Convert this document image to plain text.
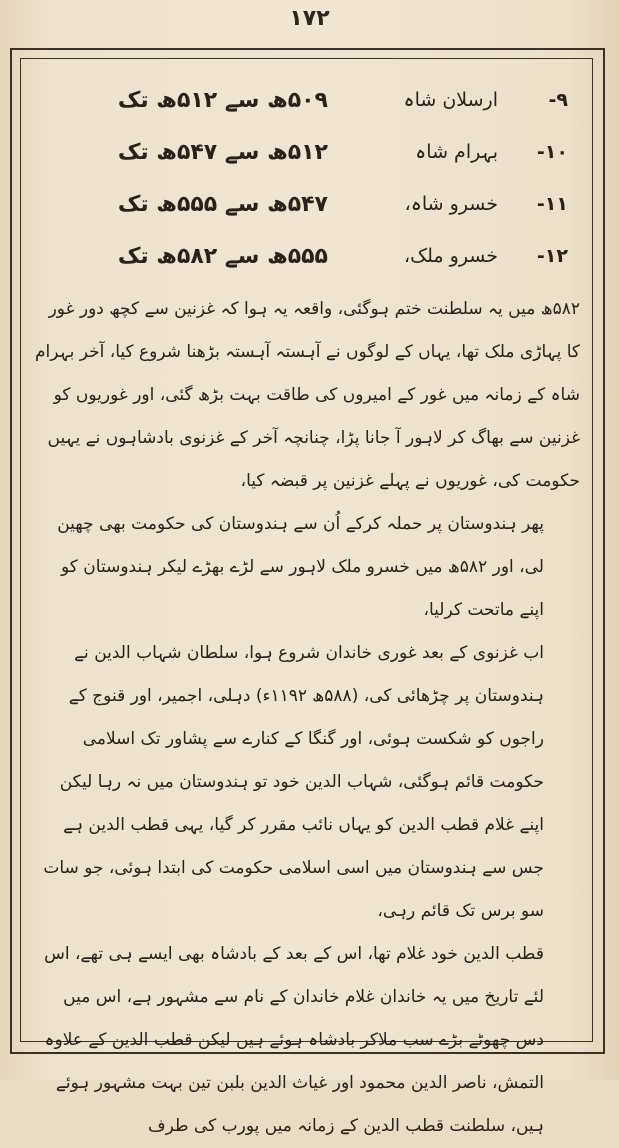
۱۷۲
۹-
ارسلان شاہ
۵۰۹ھ سے ۵۱۲ھ تک
۱۰-
بہرام شاہ
۵۱۲ھ سے ۵۴۷ھ تک
۱۱-
خسرو شاہ،
۵۴۷ھ سے ۵۵۵ھ تک
۱۲-
خسرو ملک،
۵۵۵ھ سے ۵۸۲ھ تک

۵۸۲ھ میں یہ سلطنت ختم ہوگئی، واقعہ یہ ہوا کہ غزنین سے کچھ دور غور کا پہاڑی ملک تھا، یہاں کے لوگوں نے آہستہ آہستہ بڑھنا شروع کیا، آخر بہرام شاہ کے زمانہ میں غور کے امیروں کی طاقت بہت بڑھ گئی، اور غوریوں کو غزنین سے بھاگ کر لاہور آ جانا پڑا، چنانچہ آخر کے غزنوی بادشاہوں نے یہیں حکومت کی، غوریوں نے پہلے غزنین پر قبضہ کیا،

پھر ہندوستان پر حملہ کرکے اُن سے ہندوستان کی حکومت بھی چھین لی، اور ۵۸۲ھ میں خسرو ملک لاہور سے لڑے بھڑے لیکر ہندوستان کو اپنے ماتحت کرلیا،

اب غزنوی کے بعد غوری خاندان شروع ہوا، سلطان شہاب الدین نے ہندوستان پر چڑھائی کی، (۵۸۸ھ ۱۱۹۲ء) دہلی، اجمیر، اور قنوج کے راجوں کو شکست ہوئی، اور گنگا کے کنارے سے پشاور تک اسلامی حکومت قائم ہوگئی، شہاب الدین خود تو ہندوستان میں نہ رہا لیکن اپنے غلام قطب الدین کو یہاں نائب مقرر کر گیا، یہی قطب الدین ہے جس سے ہندوستان میں اسی اسلامی حکومت کی ابتدا ہوئی، جو سات سو برس تک قائم رہی،

قطب الدین خود غلام تھا، اس کے بعد کے بادشاہ بھی ایسے ہی تھے، اس لئے تاریخ میں یہ خاندان غلام خاندان کے نام سے مشہور ہے، اس میں دس چھوٹے بڑے سب ملاکر بادشاہ ہوئے ہیں لیکن قطب الدین کے علاوہ التمش، ناصر الدین محمود اور غیاث الدین بلبن تین بہت مشہور ہوئے ہیں، سلطنت قطب الدین کے زمانہ میں پورب کی طرف
